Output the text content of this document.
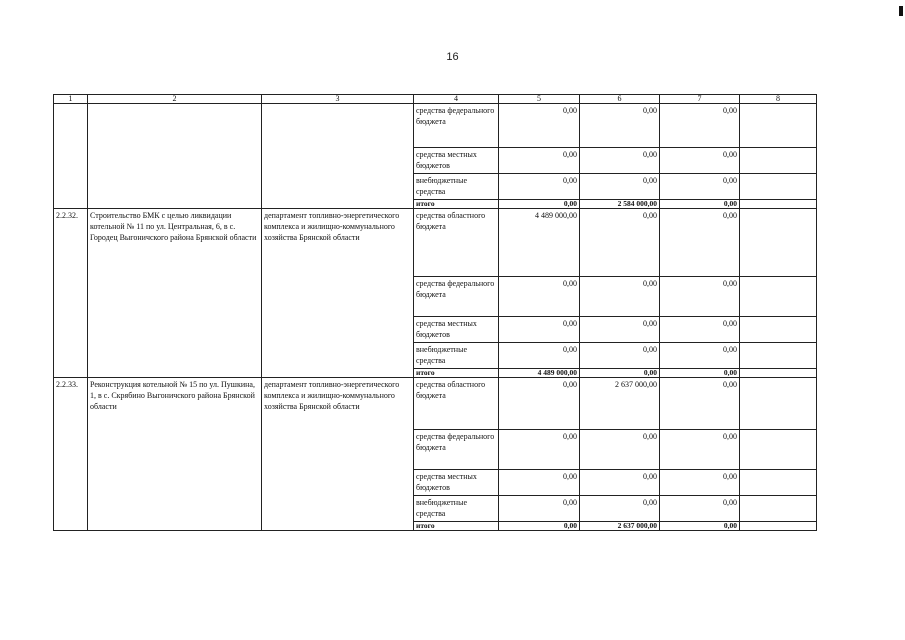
16
1	2	3	4	5	6	7	8
			средства федерального бюджета	0,00	0,00	0,00	
			средства местных бюджетов	0,00	0,00	0,00	
			внебюджетные средства	0,00	0,00	0,00	
			итого	0,00	2 584 000,00	0,00	
2.2.32.	Строительство БМК с целью ликвидации котельной № 11 по ул. Центральная, 6, в с. Городец Выгоничского района Брянской области	департамент топливно-энергетического комплекса и жилищно-коммунального хозяйства Брянской области	средства областного бюджета	4 489 000,00	0,00	0,00	
			средства федерального бюджета	0,00	0,00	0,00	
			средства местных бюджетов	0,00	0,00	0,00	
			внебюджетные средства	0,00	0,00	0,00	
			итого	4 489 000,00	0,00	0,00	
2.2.33.	Реконструкция котельной № 15 по ул. Пушкина, 1, в с. Скрябино Выгоничского района Брянской области	департамент топливно-энергетического комплекса и жилищно-коммунального хозяйства Брянской области	средства областного бюджета	0,00	2 637 000,00	0,00	
			средства федерального бюджета	0,00	0,00	0,00	
			средства местных бюджетов	0,00	0,00	0,00	
			внебюджетные средства	0,00	0,00	0,00	
			итого	0,00	2 637 000,00	0,00	
